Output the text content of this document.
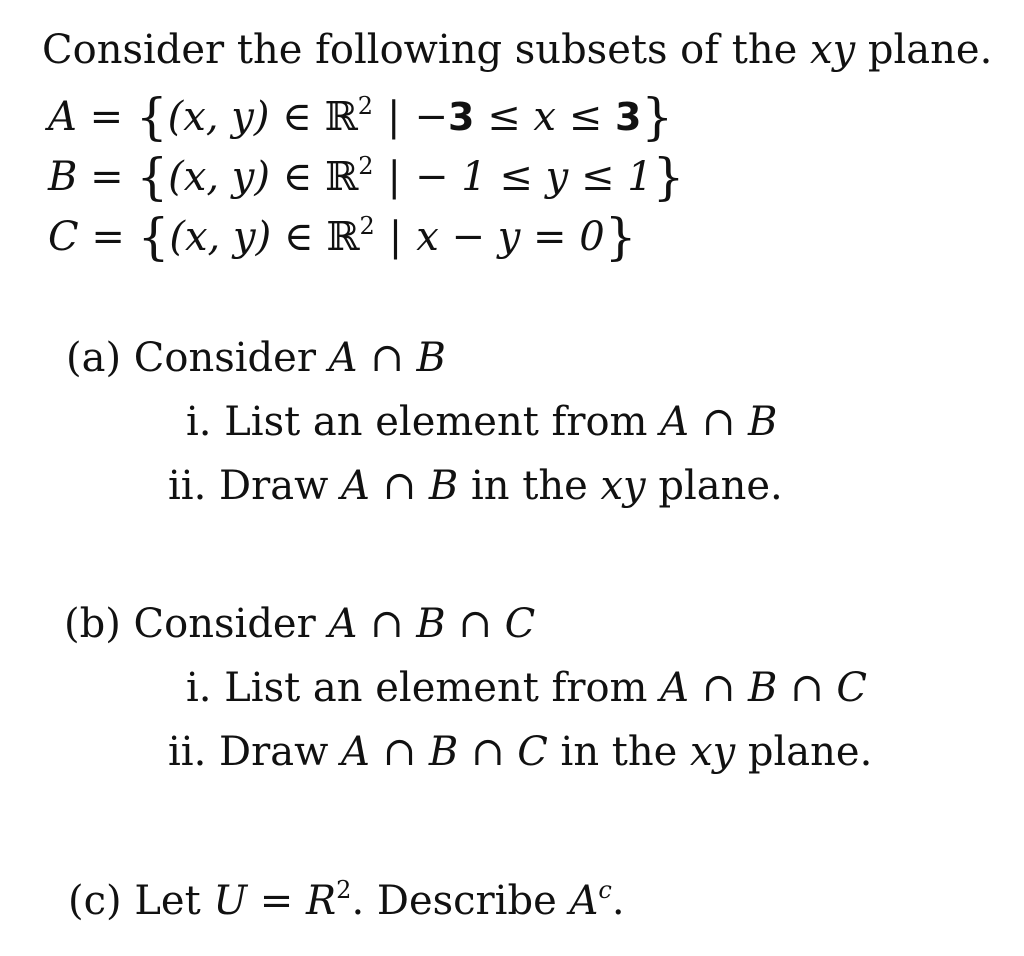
Consider the following subsets of the xy plane.
A = {(x, y) ∈ ℝ$^2$ | −3 ≤ x ≤ 3}
B = {(x, y) ∈ ℝ$^2$ | − 1 ≤ y ≤ 1}
C = {(x, y) ∈ ℝ$^2$ | x − y = 0}
(a) Consider A ∩ B
i. List an element from A ∩ B
ii. Draw A ∩ B in the xy plane.
(b) Consider A ∩ B ∩ C
i. List an element from A ∩ B ∩ C
ii. Draw A ∩ B ∩ C in the xy plane.
(c) Let $U = R^2$. Describe $A^c$.
